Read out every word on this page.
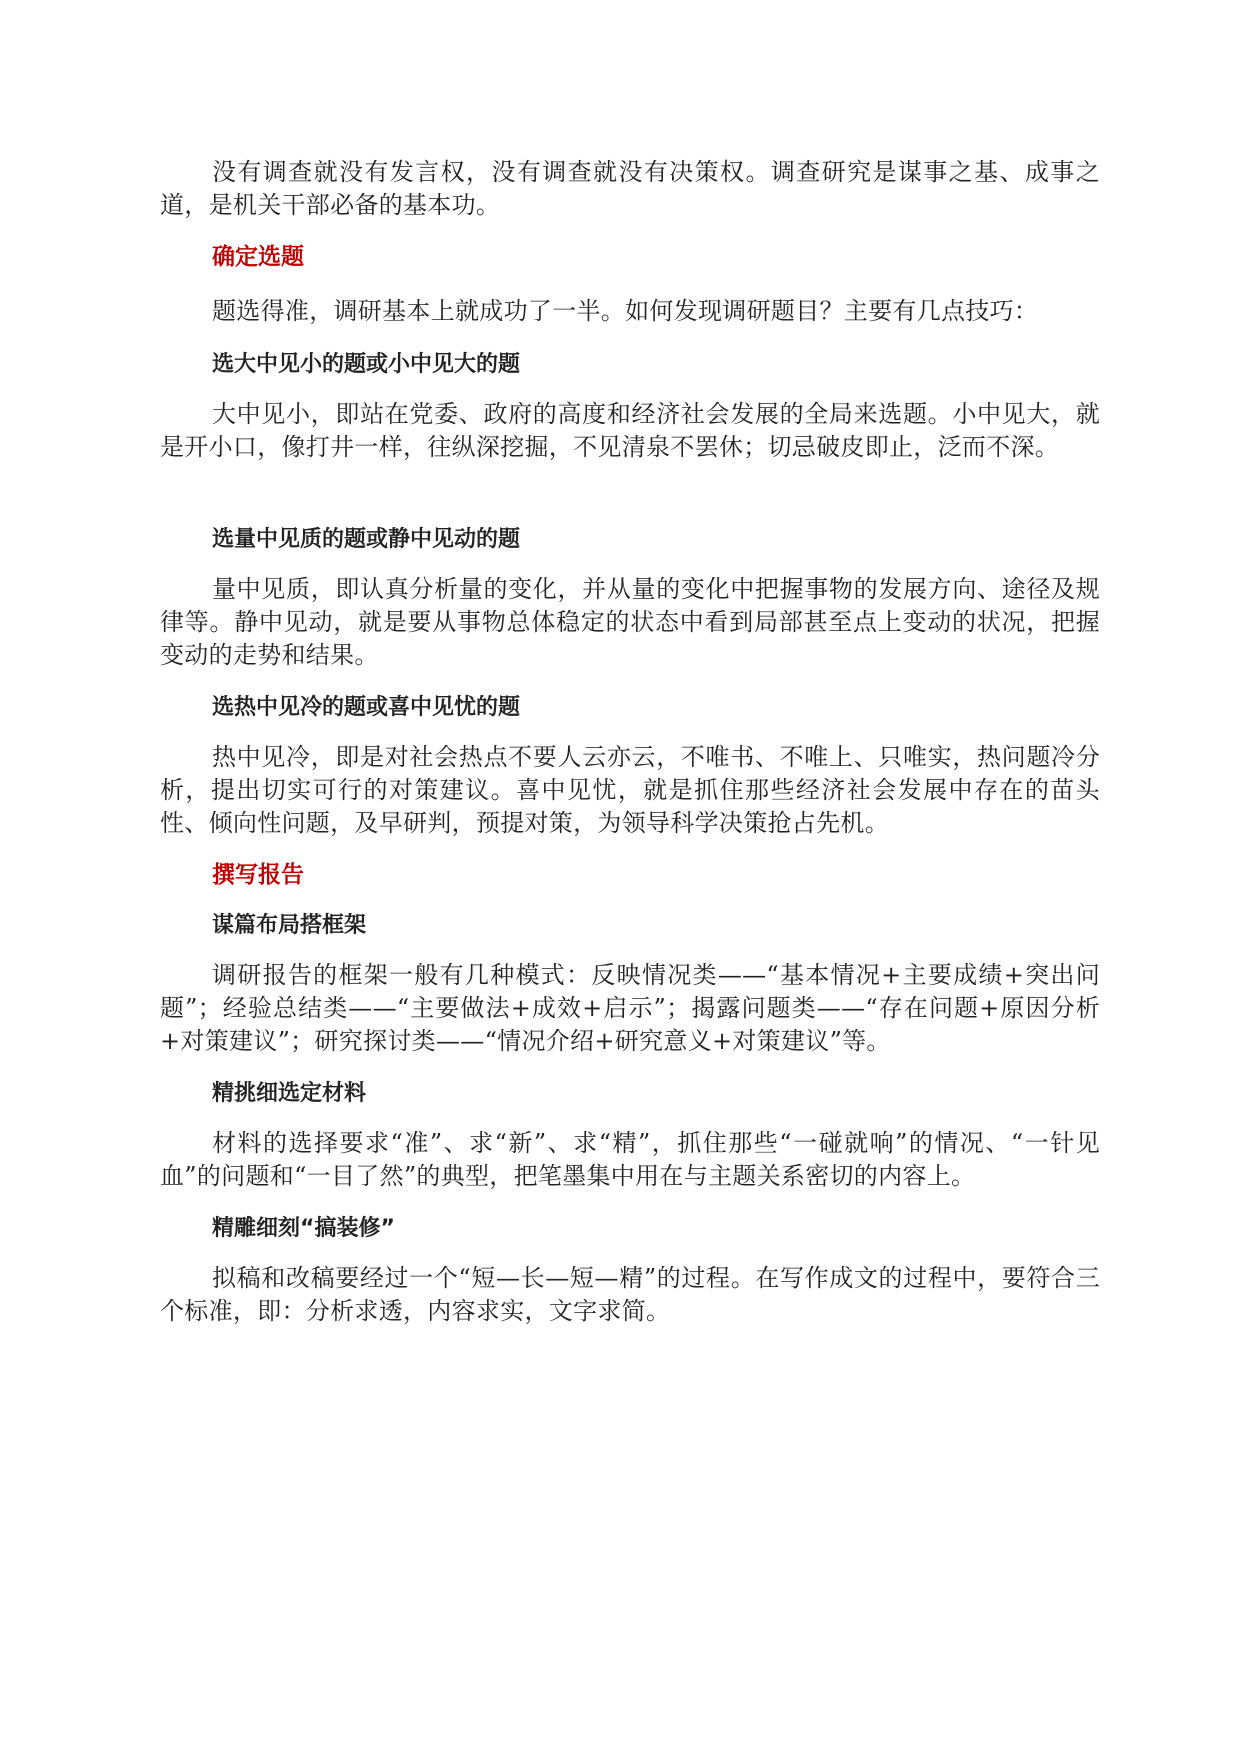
没有调查就没有发言权，没有调查就没有决策权。调查研究是谋事之基、成事之道，是机关干部必备的基本功。

确定选题

题选得准，调研基本上就成功了一半。如何发现调研题目？主要有几点技巧：

选大中见小的题或小中见大的题

大中见小，即站在党委、政府的高度和经济社会发展的全局来选题。小中见大，就是开小口，像打井一样，往纵深挖掘，不见清泉不罢休；切忌破皮即止，泛而不深。

选量中见质的题或静中见动的题

量中见质，即认真分析量的变化，并从量的变化中把握事物的发展方向、途径及规律等。静中见动，就是要从事物总体稳定的状态中看到局部甚至点上变动的状况，把握变动的走势和结果。

选热中见冷的题或喜中见忧的题

热中见冷，即是对社会热点不要人云亦云，不唯书、不唯上、只唯实，热问题冷分析，提出切实可行的对策建议。喜中见忧，就是抓住那些经济社会发展中存在的苗头性、倾向性问题，及早研判，预提对策，为领导科学决策抢占先机。

撰写报告
谋篇布局搭框架

调研报告的框架一般有几种模式：反映情况类——“基本情况+主要成绩+突出问题”；经验总结类——“主要做法+成效+启示”；揭露问题类——“存在问题+原因分析+对策建议”；研究探讨类——“情况介绍+研究意义+对策建议”等。

精挑细选定材料

材料的选择要求“准”、求“新”、求“精”，抓住那些“一碰就响”的情况、“一针见血”的问题和“一目了然”的典型，把笔墨集中用在与主题关系密切的内容上。

精雕细刻“搞装修”

拟稿和改稿要经过一个“短—长—短—精”的过程。在写作成文的过程中，要符合三个标准，即：分析求透，内容求实，文字求简。
